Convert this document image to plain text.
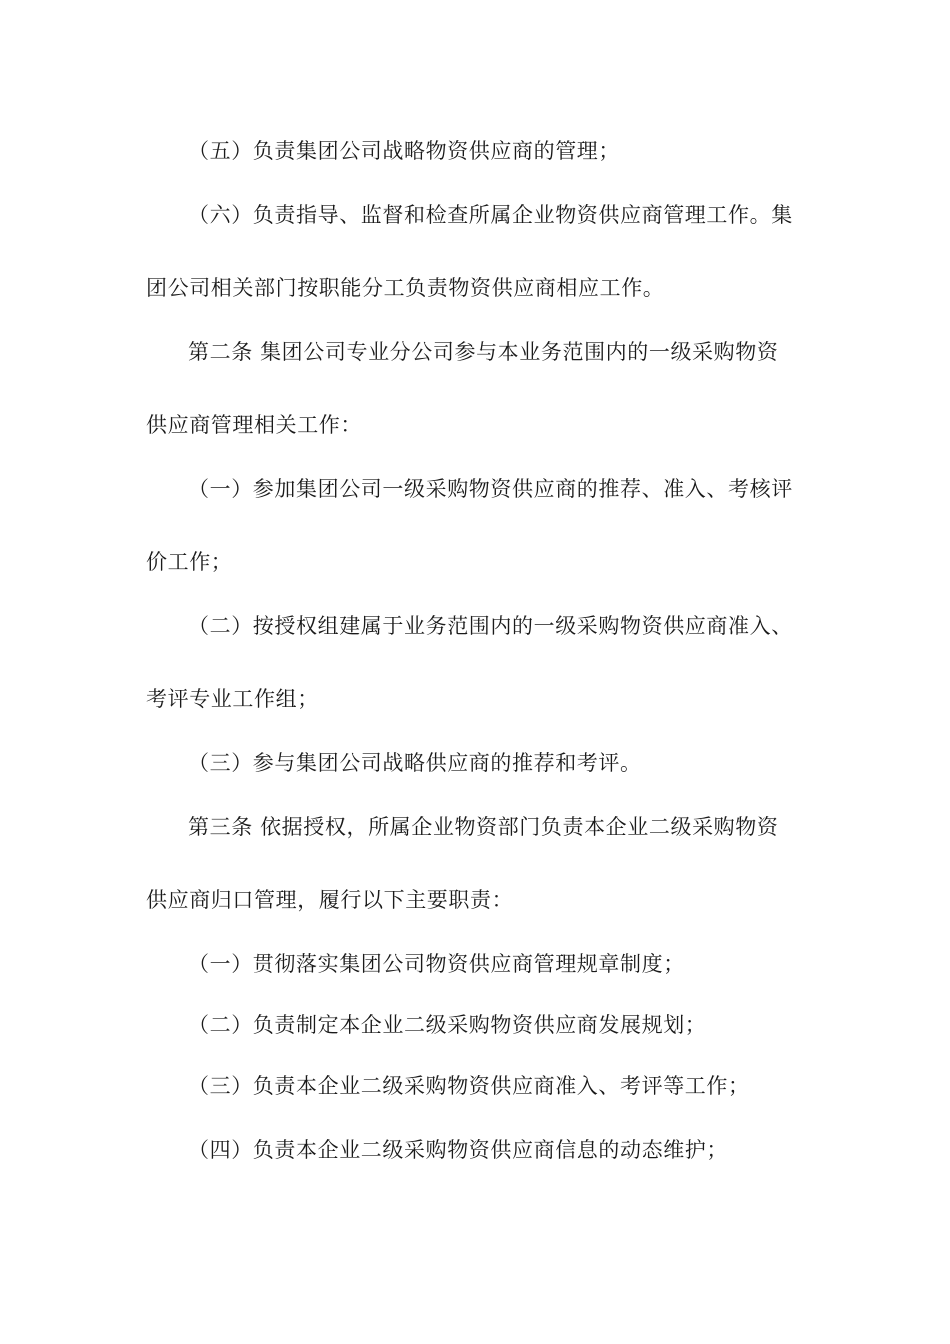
（五）负责集团公司战略物资供应商的管理；
（六）负责指导、监督和检查所属企业物资供应商管理工作。集
团公司相关部门按职能分工负责物资供应商相应工作。
第二条 集团公司专业分公司参与本业务范围内的一级采购物资
供应商管理相关工作：
（一）参加集团公司一级采购物资供应商的推荐、准入、考核评
价工作；
（二）按授权组建属于业务范围内的一级采购物资供应商准入、
考评专业工作组；
（三）参与集团公司战略供应商的推荐和考评。
第三条 依据授权，所属企业物资部门负责本企业二级采购物资
供应商归口管理，履行以下主要职责：
（一）贯彻落实集团公司物资供应商管理规章制度；
（二）负责制定本企业二级采购物资供应商发展规划；
（三）负责本企业二级采购物资供应商准入、考评等工作；
（四）负责本企业二级采购物资供应商信息的动态维护；
